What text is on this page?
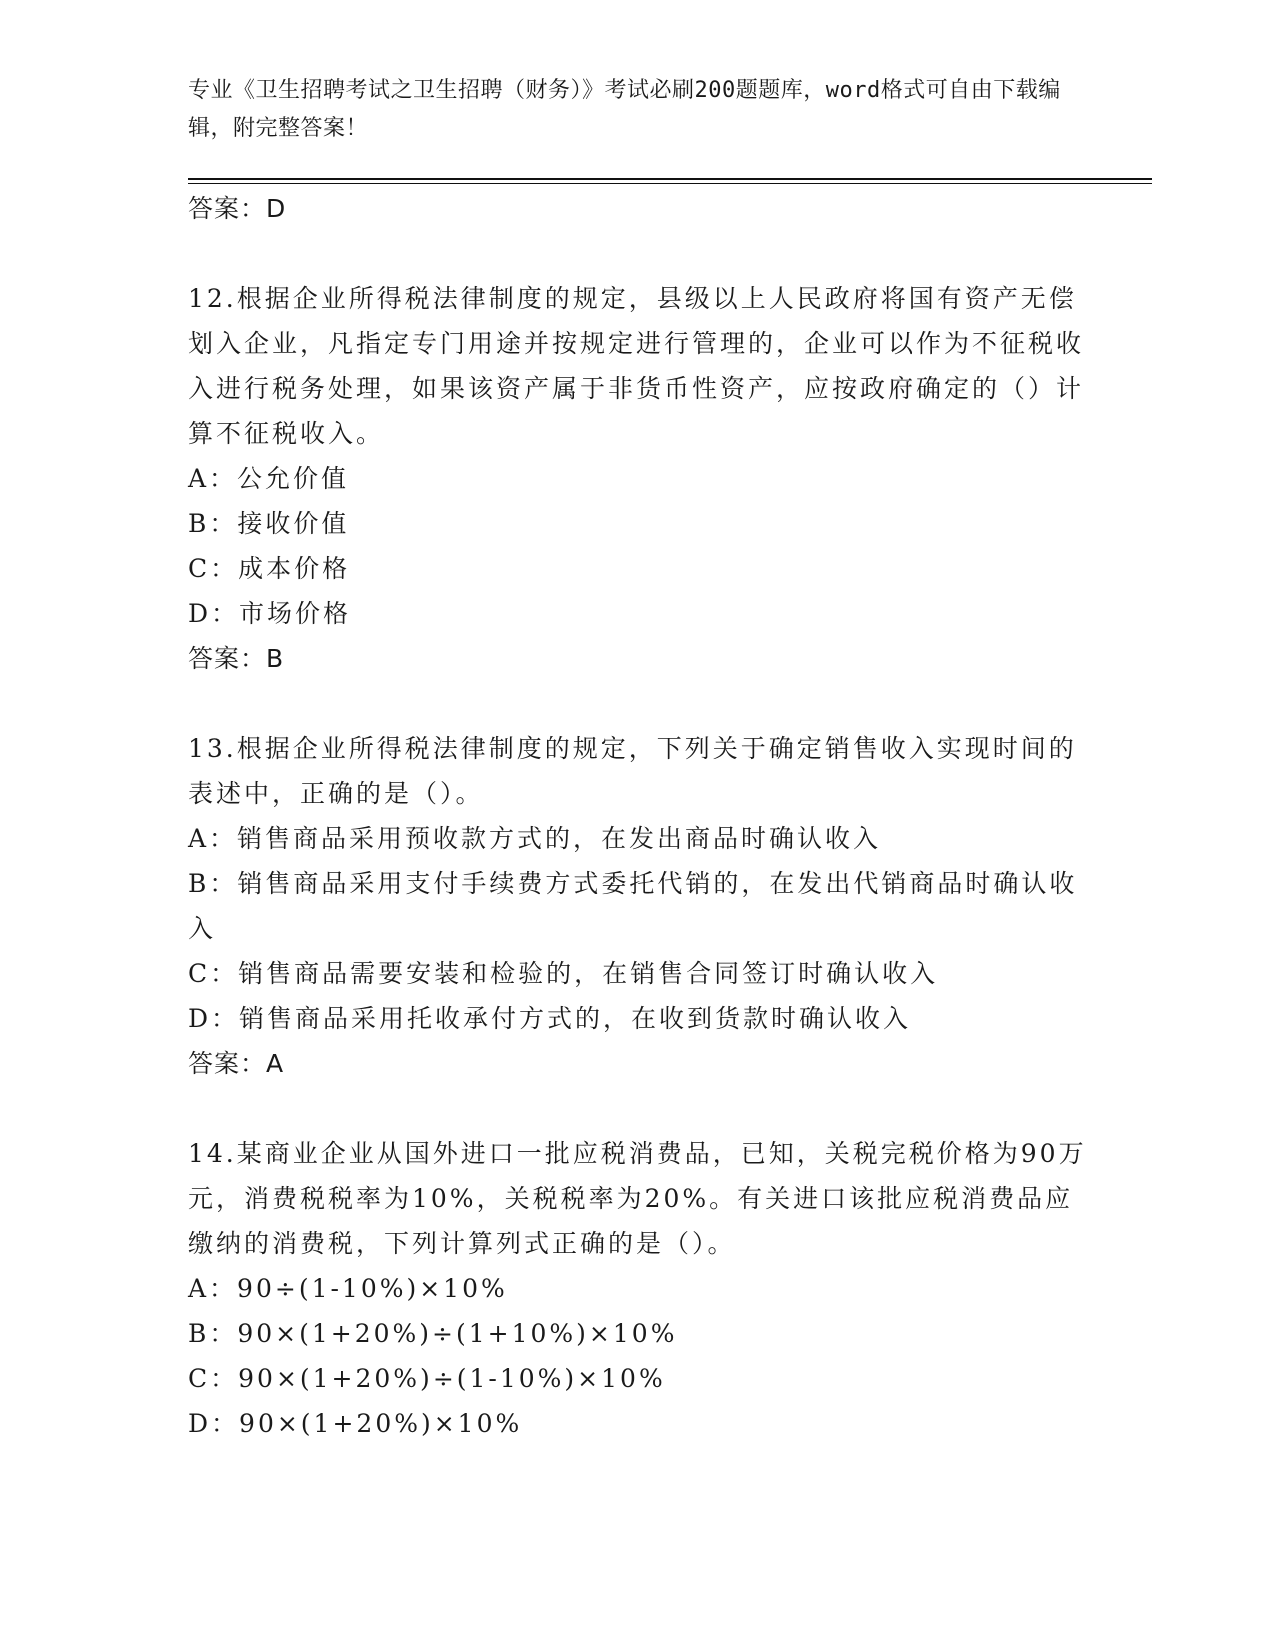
专业《卫生招聘考试之卫生招聘（财务）》考试必刷200题题库，word格式可自由下载编辑，附完整答案！

答案：D

12.根据企业所得税法律制度的规定，县级以上人民政府将国有资产无偿划入企业，凡指定专门用途并按规定进行管理的，企业可以作为不征税收入进行税务处理，如果该资产属于非货币性资产，应按政府确定的（）计算不征税收入。

A：公允价值

B：接收价值

C：成本价格

D：市场价格

答案：B

13.根据企业所得税法律制度的规定，下列关于确定销售收入实现时间的表述中，正确的是（）。

A：销售商品采用预收款方式的，在发出商品时确认收入

B：销售商品采用支付手续费方式委托代销的，在发出代销商品时确认收入

C：销售商品需要安装和检验的，在销售合同签订时确认收入

D：销售商品采用托收承付方式的，在收到货款时确认收入

答案：A

14.某商业企业从国外进口一批应税消费品，已知，关税完税价格为90万元，消费税税率为10%，关税税率为20%。有关进口该批应税消费品应缴纳的消费税，下列计算列式正确的是（）。

A：90÷(1-10%)×10%

B：90×(1+20%)÷(1+10%)×10%

C：90×(1+20%)÷(1-10%)×10%

D：90×(1+20%)×10%
